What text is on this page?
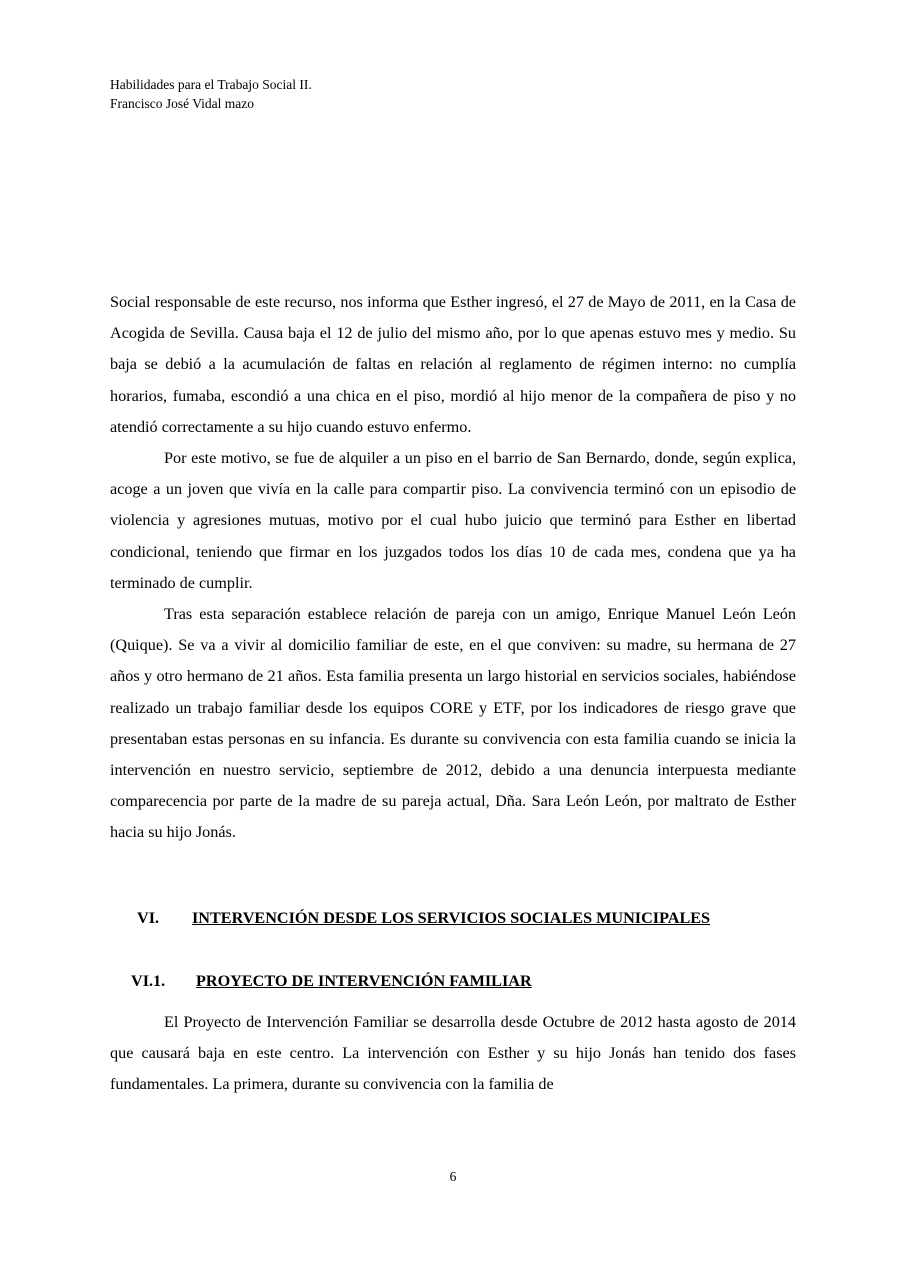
Habilidades para el Trabajo Social II.
Francisco José Vidal mazo

Social responsable de este recurso, nos informa que Esther ingresó, el 27 de Mayo de 2011, en la Casa de Acogida de Sevilla. Causa baja el 12 de julio del mismo año, por lo que apenas estuvo mes y medio. Su baja se debió a la acumulación de faltas en relación al reglamento de régimen interno: no cumplía horarios, fumaba, escondió a una chica en el piso, mordió al hijo menor de la compañera de piso y no atendió correctamente a su hijo cuando estuvo enfermo.

Por este motivo, se fue de alquiler a un piso en el barrio de San Bernardo, donde, según explica, acoge a un joven que vivía en la calle para compartir piso. La convivencia terminó con un episodio de violencia y agresiones mutuas, motivo por el cual hubo juicio que terminó para Esther en libertad condicional, teniendo que firmar en los juzgados todos los días 10 de cada mes, condena que ya ha terminado de cumplir.

Tras esta separación establece relación de pareja con un amigo, Enrique Manuel León León (Quique). Se va a vivir al domicilio familiar de este, en el que conviven: su madre, su hermana de 27 años y otro hermano de 21 años. Esta familia presenta un largo historial en servicios sociales, habiéndose realizado un trabajo familiar desde los equipos CORE y ETF, por los indicadores de riesgo grave que presentaban estas personas en su infancia. Es durante su convivencia con esta familia cuando se inicia la intervención en nuestro servicio, septiembre de 2012, debido a una denuncia interpuesta mediante comparecencia por parte de la madre de su pareja actual, Dña. Sara León León, por maltrato de Esther hacia su hijo Jonás.

VI. INTERVENCIÓN DESDE LOS SERVICIOS SOCIALES MUNICIPALES
VI.1. PROYECTO DE INTERVENCIÓN FAMILIAR

El Proyecto de Intervención Familiar se desarrolla desde Octubre de 2012 hasta agosto de 2014 que causará baja en este centro. La intervención con Esther y su hijo Jonás han tenido dos fases fundamentales. La primera, durante su convivencia con la familia de

6
